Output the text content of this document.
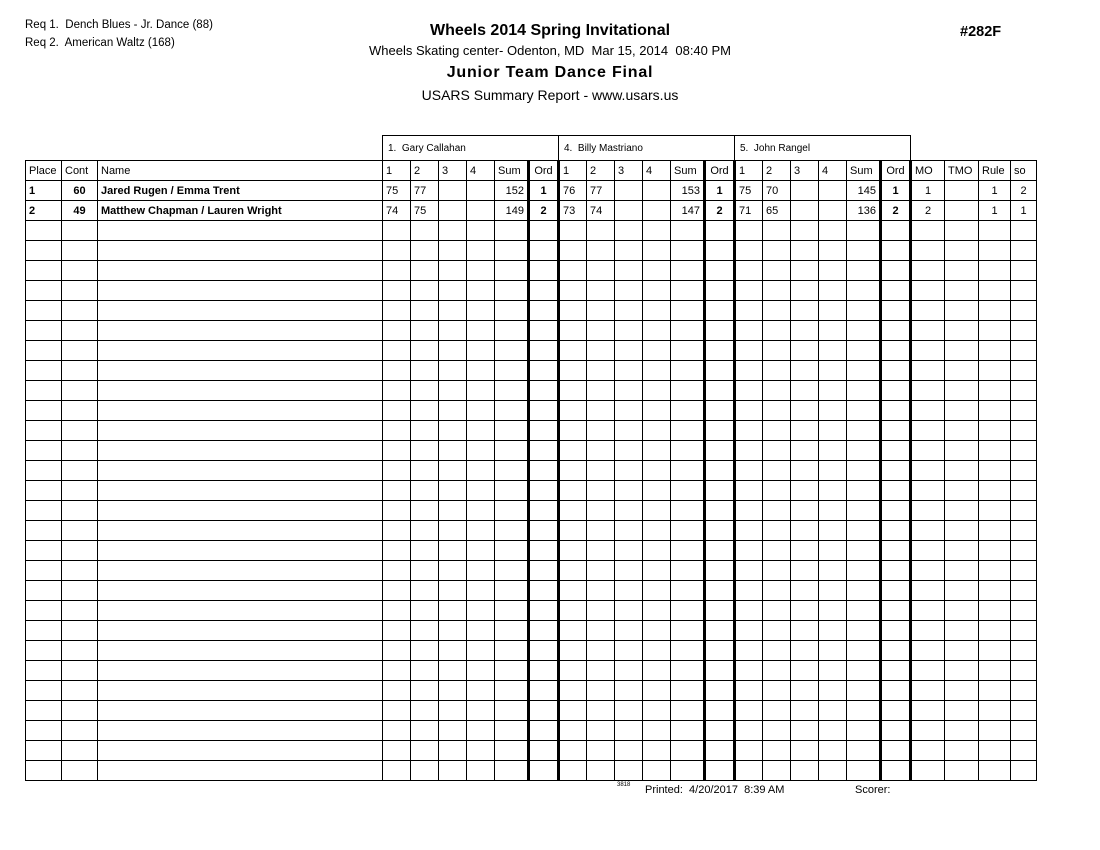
Req 1.  Dench Blues - Jr. Dance (88)
Req 2.  American Waltz (168)
Wheels 2014 Spring Invitational
Wheels Skating center- Odenton, MD  Mar 15, 2014  08:40 PM
Junior Team Dance Final
USARS Summary Report - www.usars.us
#282F
			1.  Gary Callahan						4.  Billy Mastriano						5.  John Rangel									
Place	Cont	Name	1	2	3	4	Sum	Ord	1	2	3	4	Sum	Ord	1	2	3	4	Sum	Ord	MO	TMO	Rule	so
1	60	Jared Rugen / Emma Trent	75	77			152	1	76	77			153	1	75	70			145	1	1		1	2
2	49	Matthew Chapman / Lauren Wright	74	75			149	2	73	74			147	2	71	65			136	2	2		1	1

3818 Printed:  4/20/2017  8:39 AM	Scorer:
